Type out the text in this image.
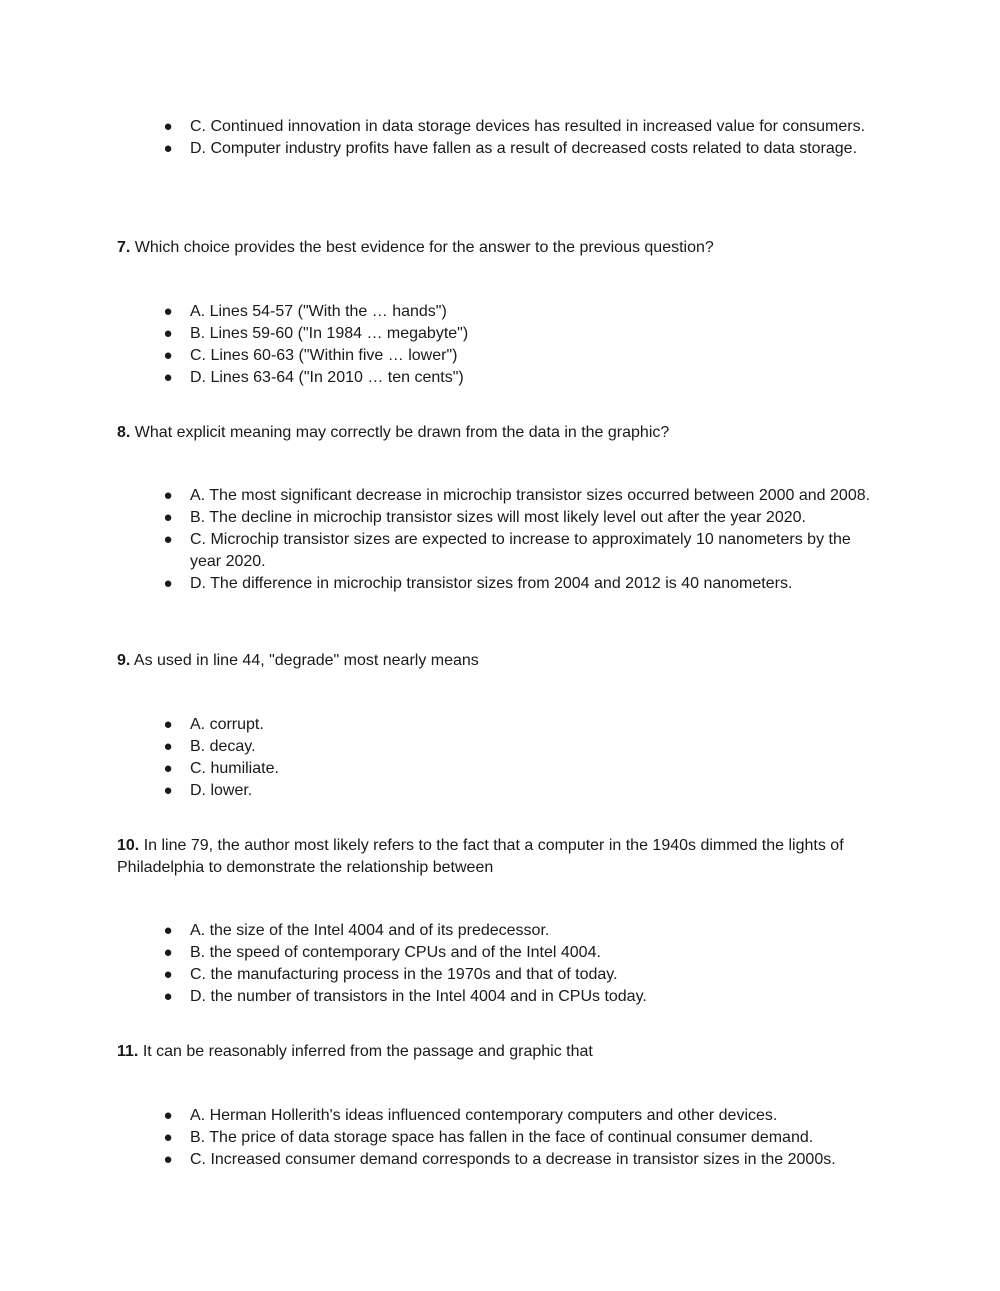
● C. Continued innovation in data storage devices has resulted in increased value for consumers.
● D. Computer industry profits have fallen as a result of decreased costs related to data storage.

7. Which choice provides the best evidence for the answer to the previous question?

● A. Lines 54-57 ("With the … hands")
● B. Lines 59-60 ("In 1984 … megabyte")
● C. Lines 60-63 ("Within five … lower")
● D. Lines 63-64 ("In 2010 … ten cents")

8. What explicit meaning may correctly be drawn from the data in the graphic?

● A. The most significant decrease in microchip transistor sizes occurred between 2000 and 2008.
● B. The decline in microchip transistor sizes will most likely level out after the year 2020.
● C. Microchip transistor sizes are expected to increase to approximately 10 nanometers by the year 2020.
● D. The difference in microchip transistor sizes from 2004 and 2012 is 40 nanometers.

9. As used in line 44, "degrade" most nearly means

● A. corrupt.
● B. decay.
● C. humiliate.
● D. lower.

10. In line 79, the author most likely refers to the fact that a computer in the 1940s dimmed the lights of Philadelphia to demonstrate the relationship between

● A. the size of the Intel 4004 and of its predecessor.
● B. the speed of contemporary CPUs and of the Intel 4004.
● C. the manufacturing process in the 1970s and that of today.
● D. the number of transistors in the Intel 4004 and in CPUs today.

11. It can be reasonably inferred from the passage and graphic that

● A. Herman Hollerith's ideas influenced contemporary computers and other devices.
● B. The price of data storage space has fallen in the face of continual consumer demand.
● C. Increased consumer demand corresponds to a decrease in transistor sizes in the 2000s.
